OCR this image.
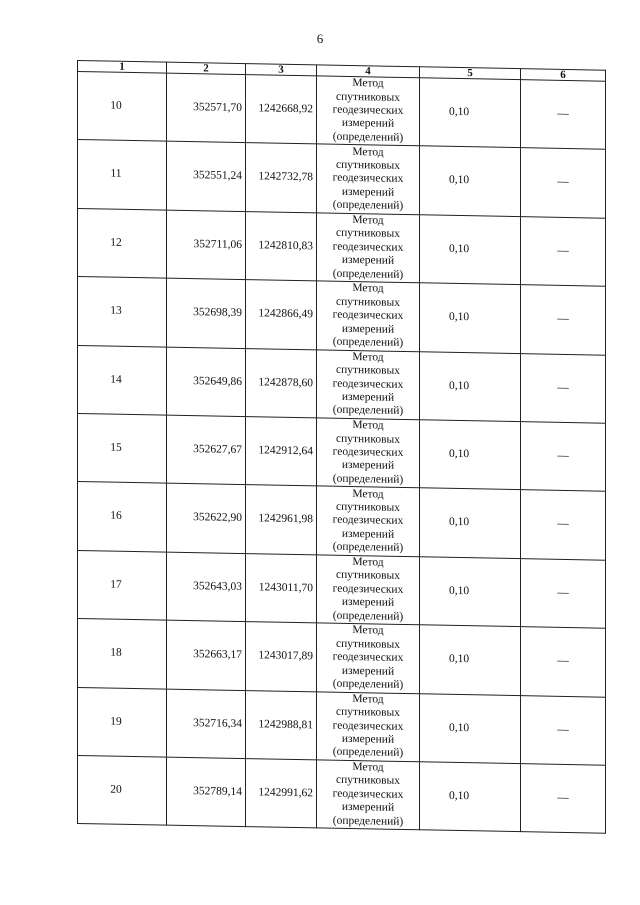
6
1	2	3	4	5	6
10	352571,70	1242668,92	Метод
спутниковых
геодезических
измерений
(определений)	0,10	—
11	352551,24	1242732,78	Метод
спутниковых
геодезических
измерений
(определений)	0,10	—
12	352711,06	1242810,83	Метод
спутниковых
геодезических
измерений
(определений)	0,10	—
13	352698,39	1242866,49	Метод
спутниковых
геодезических
измерений
(определений)	0,10	—
14	352649,86	1242878,60	Метод
спутниковых
геодезических
измерений
(определений)	0,10	—
15	352627,67	1242912,64	Метод
спутниковых
геодезических
измерений
(определений)	0,10	—
16	352622,90	1242961,98	Метод
спутниковых
геодезических
измерений
(определений)	0,10	—
17	352643,03	1243011,70	Метод
спутниковых
геодезических
измерений
(определений)	0,10	—
18	352663,17	1243017,89	Метод
спутниковых
геодезических
измерений
(определений)	0,10	—
19	352716,34	1242988,81	Метод
спутниковых
геодезических
измерений
(определений)	0,10	—
20	352789,14	1242991,62	Метод
спутниковых
геодезических
измерений
(определений)	0,10	—
